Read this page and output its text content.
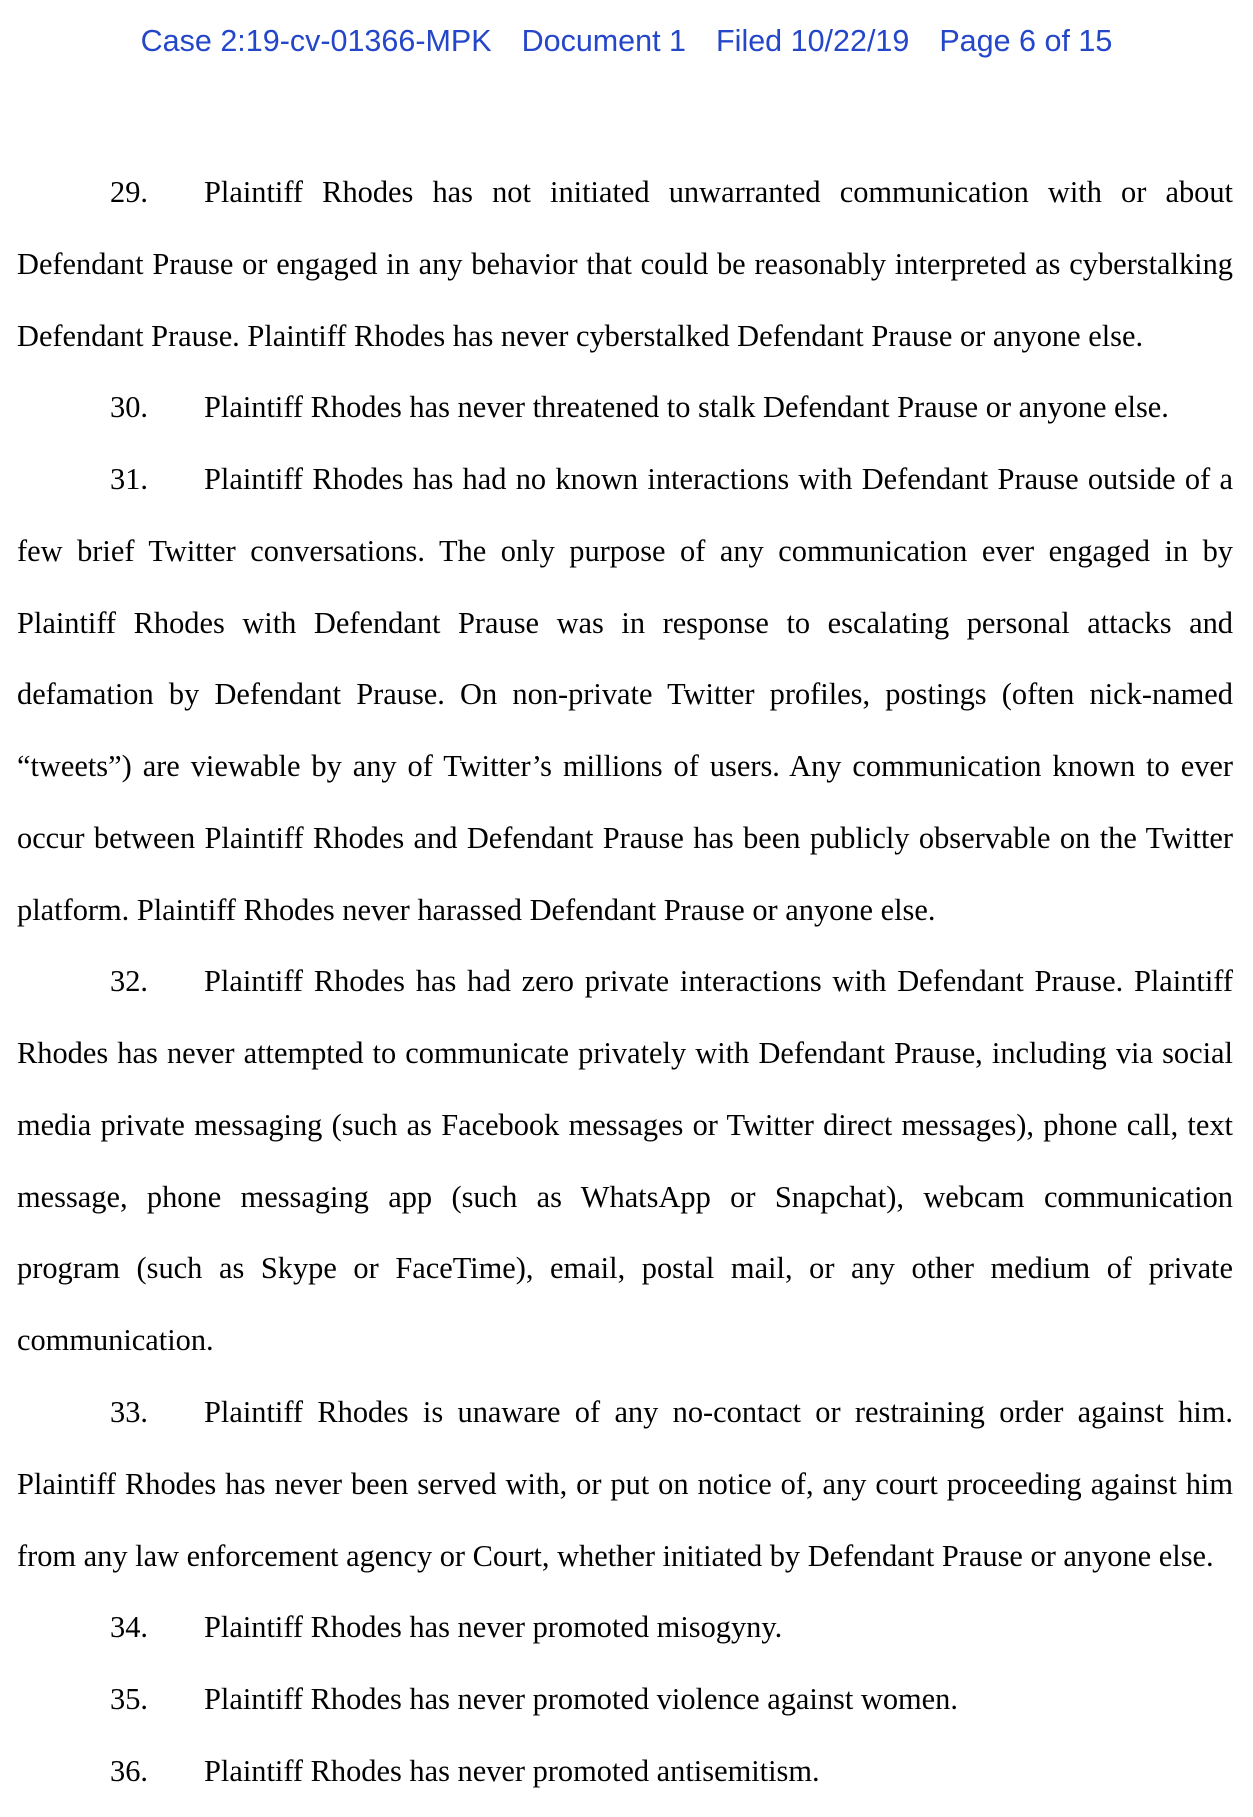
Case 2:19-cv-01366-MPK Document 1 Filed 10/22/19 Page 6 of 15
29. Plaintiff Rhodes has not initiated unwarranted communication with or about
Defendant Prause or engaged in any behavior that could be reasonably interpreted as cyberstalking
Defendant Prause. Plaintiff Rhodes has never cyberstalked Defendant Prause or anyone else.
30. Plaintiff Rhodes has never threatened to stalk Defendant Prause or anyone else.
31. Plaintiff Rhodes has had no known interactions with Defendant Prause outside of a
few brief Twitter conversations. The only purpose of any communication ever engaged in by
Plaintiff Rhodes with Defendant Prause was in response to escalating personal attacks and
defamation by Defendant Prause. On non-private Twitter profiles, postings (often nick-named
“tweets”) are viewable by any of Twitter’s millions of users. Any communication known to ever
occur between Plaintiff Rhodes and Defendant Prause has been publicly observable on the Twitter
platform. Plaintiff Rhodes never harassed Defendant Prause or anyone else.
32. Plaintiff Rhodes has had zero private interactions with Defendant Prause. Plaintiff
Rhodes has never attempted to communicate privately with Defendant Prause, including via social
media private messaging (such as Facebook messages or Twitter direct messages), phone call, text
message, phone messaging app (such as WhatsApp or Snapchat), webcam communication
program (such as Skype or FaceTime), email, postal mail, or any other medium of private
communication.
33. Plaintiff Rhodes is unaware of any no-contact or restraining order against him.
Plaintiff Rhodes has never been served with, or put on notice of, any court proceeding against him
from any law enforcement agency or Court, whether initiated by Defendant Prause or anyone else.
34. Plaintiff Rhodes has never promoted misogyny.
35. Plaintiff Rhodes has never promoted violence against women.
36. Plaintiff Rhodes has never promoted antisemitism.
